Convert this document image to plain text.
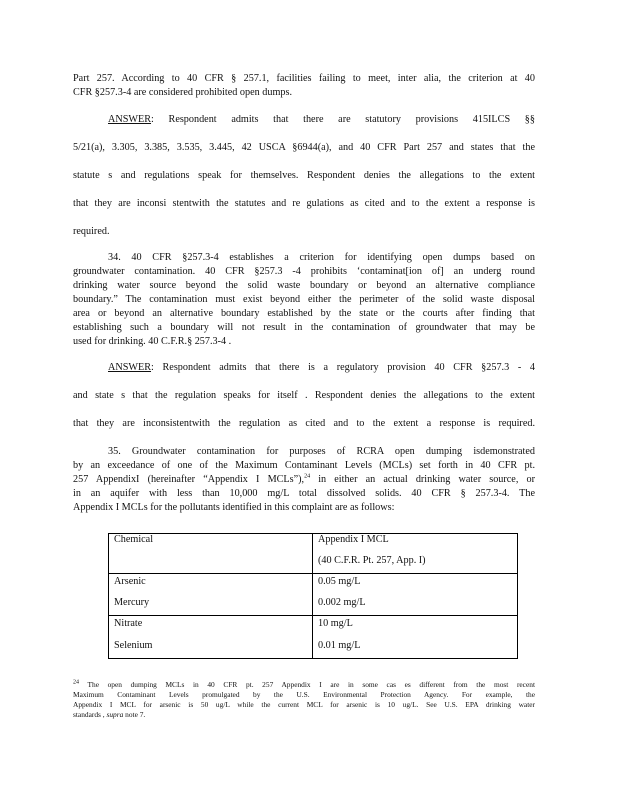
Part 257. According to 40 CFR § 257.1, facilities failing to meet, inter alia, the criterion at 40
CFR §257.3-4 are considered prohibited open dumps.
ANSWER: Respondent admits that there are statutory provisions 415ILCS §§
5/21(a), 3.305, 3.385, 3.535, 3.445, 42 USCA §6944(a), and 40 CFR Part 257 and states that the
statute s and regulations speak for themselves. Respondent denies the allegations to the extent
that they are inconsi stentwith the statutes and re gulations as cited and to the extent a response is
required.
34. 40 CFR §257.3-4 establishes a criterion for identifying open dumps based on
groundwater contamination. 40 CFR §257.3 -4 prohibits ‘contaminat[ion of] an underg round
drinking water source beyond the solid waste boundary or beyond an alternative compliance
boundary.” The contamination must exist beyond either the perimeter of the solid waste disposal
area or beyond an alternative boundary established by the state or the courts after finding that
establishing such a boundary will not result in the contamination of groundwater that may be
used for drinking. 40 C.F.R.§ 257.3-4 .
ANSWER: Respondent admits that there is a regulatory provision 40 CFR §257.3 - 4
and state s that the regulation speaks for itself . Respondent denies the allegations to the extent
that they are inconsistentwith the regulation as cited and to the extent a response is required.
35. Groundwater contamination for purposes of RCRA open dumping isdemonstrated
by an exceedance of one of the Maximum Contaminant Levels (MCLs) set forth in 40 CFR pt.
257 AppendixI (hereinafter “Appendix I MCLs”),$^{24}$ in either an actual drinking water source, or
in an aquifer with less than 10,000 mg/L total dissolved solids. 40 CFR § 257.3-4. The
Appendix I MCLs for the pollutants identified in this complaint are as follows:
Chemical	Appendix I MCL
(40 C.F.R. Pt. 257, App. I)
Arsenic	0.05 mg/L
Mercury	0.002 mg/L
Nitrate	10 mg/L
Selenium	0.01 mg/L
$^{24}$ The open dumping MCLs in 40 CFR pt. 257 Appendix I are in some cas es different from the most recent
Maximum Contaminant Levels promulgated by the U.S. Environmental Protection Agency. For example, the
Appendix I MCL for arsenic is 50 ug/L while the current MCL for arsenic is 10 ug/L. See U.S. EPA drinking water
standards , supra note 7.
